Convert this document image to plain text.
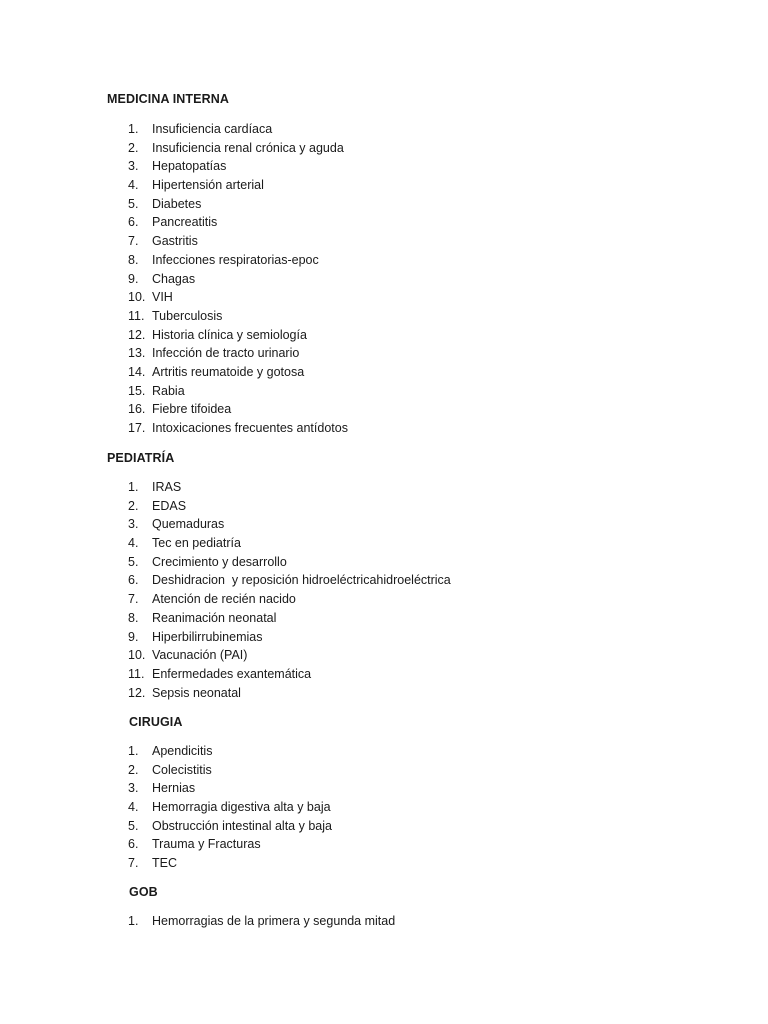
MEDICINA INTERNA
1. Insuficiencia cardíaca
2. Insuficiencia renal crónica y aguda
3. Hepatopatías
4. Hipertensión arterial
5. Diabetes
6. Pancreatitis
7. Gastritis
8. Infecciones respiratorias-epoc
9. Chagas
10. VIH
11. Tuberculosis
12. Historia clínica y semiología
13. Infección de tracto urinario
14. Artritis reumatoide y gotosa
15. Rabia
16. Fiebre tifoidea
17. Intoxicaciones frecuentes antídotos
PEDIATRÍA
1. IRAS
2. EDAS
3. Quemaduras
4. Tec en pediatría
5. Crecimiento y desarrollo
6. Deshidracion  y reposición hidroeléctricahidroeléctrica
7. Atención de recién nacido
8. Reanimación neonatal
9. Hiperbilirrubinemias
10. Vacunación (PAI)
11. Enfermedades exantemática
12. Sepsis neonatal
CIRUGIA
1. Apendicitis
2. Colecistitis
3. Hernias
4. Hemorragia digestiva alta y baja
5. Obstrucción intestinal alta y baja
6. Trauma y Fracturas
7. TEC
GOB
1. Hemorragias de la primera y segunda mitad
